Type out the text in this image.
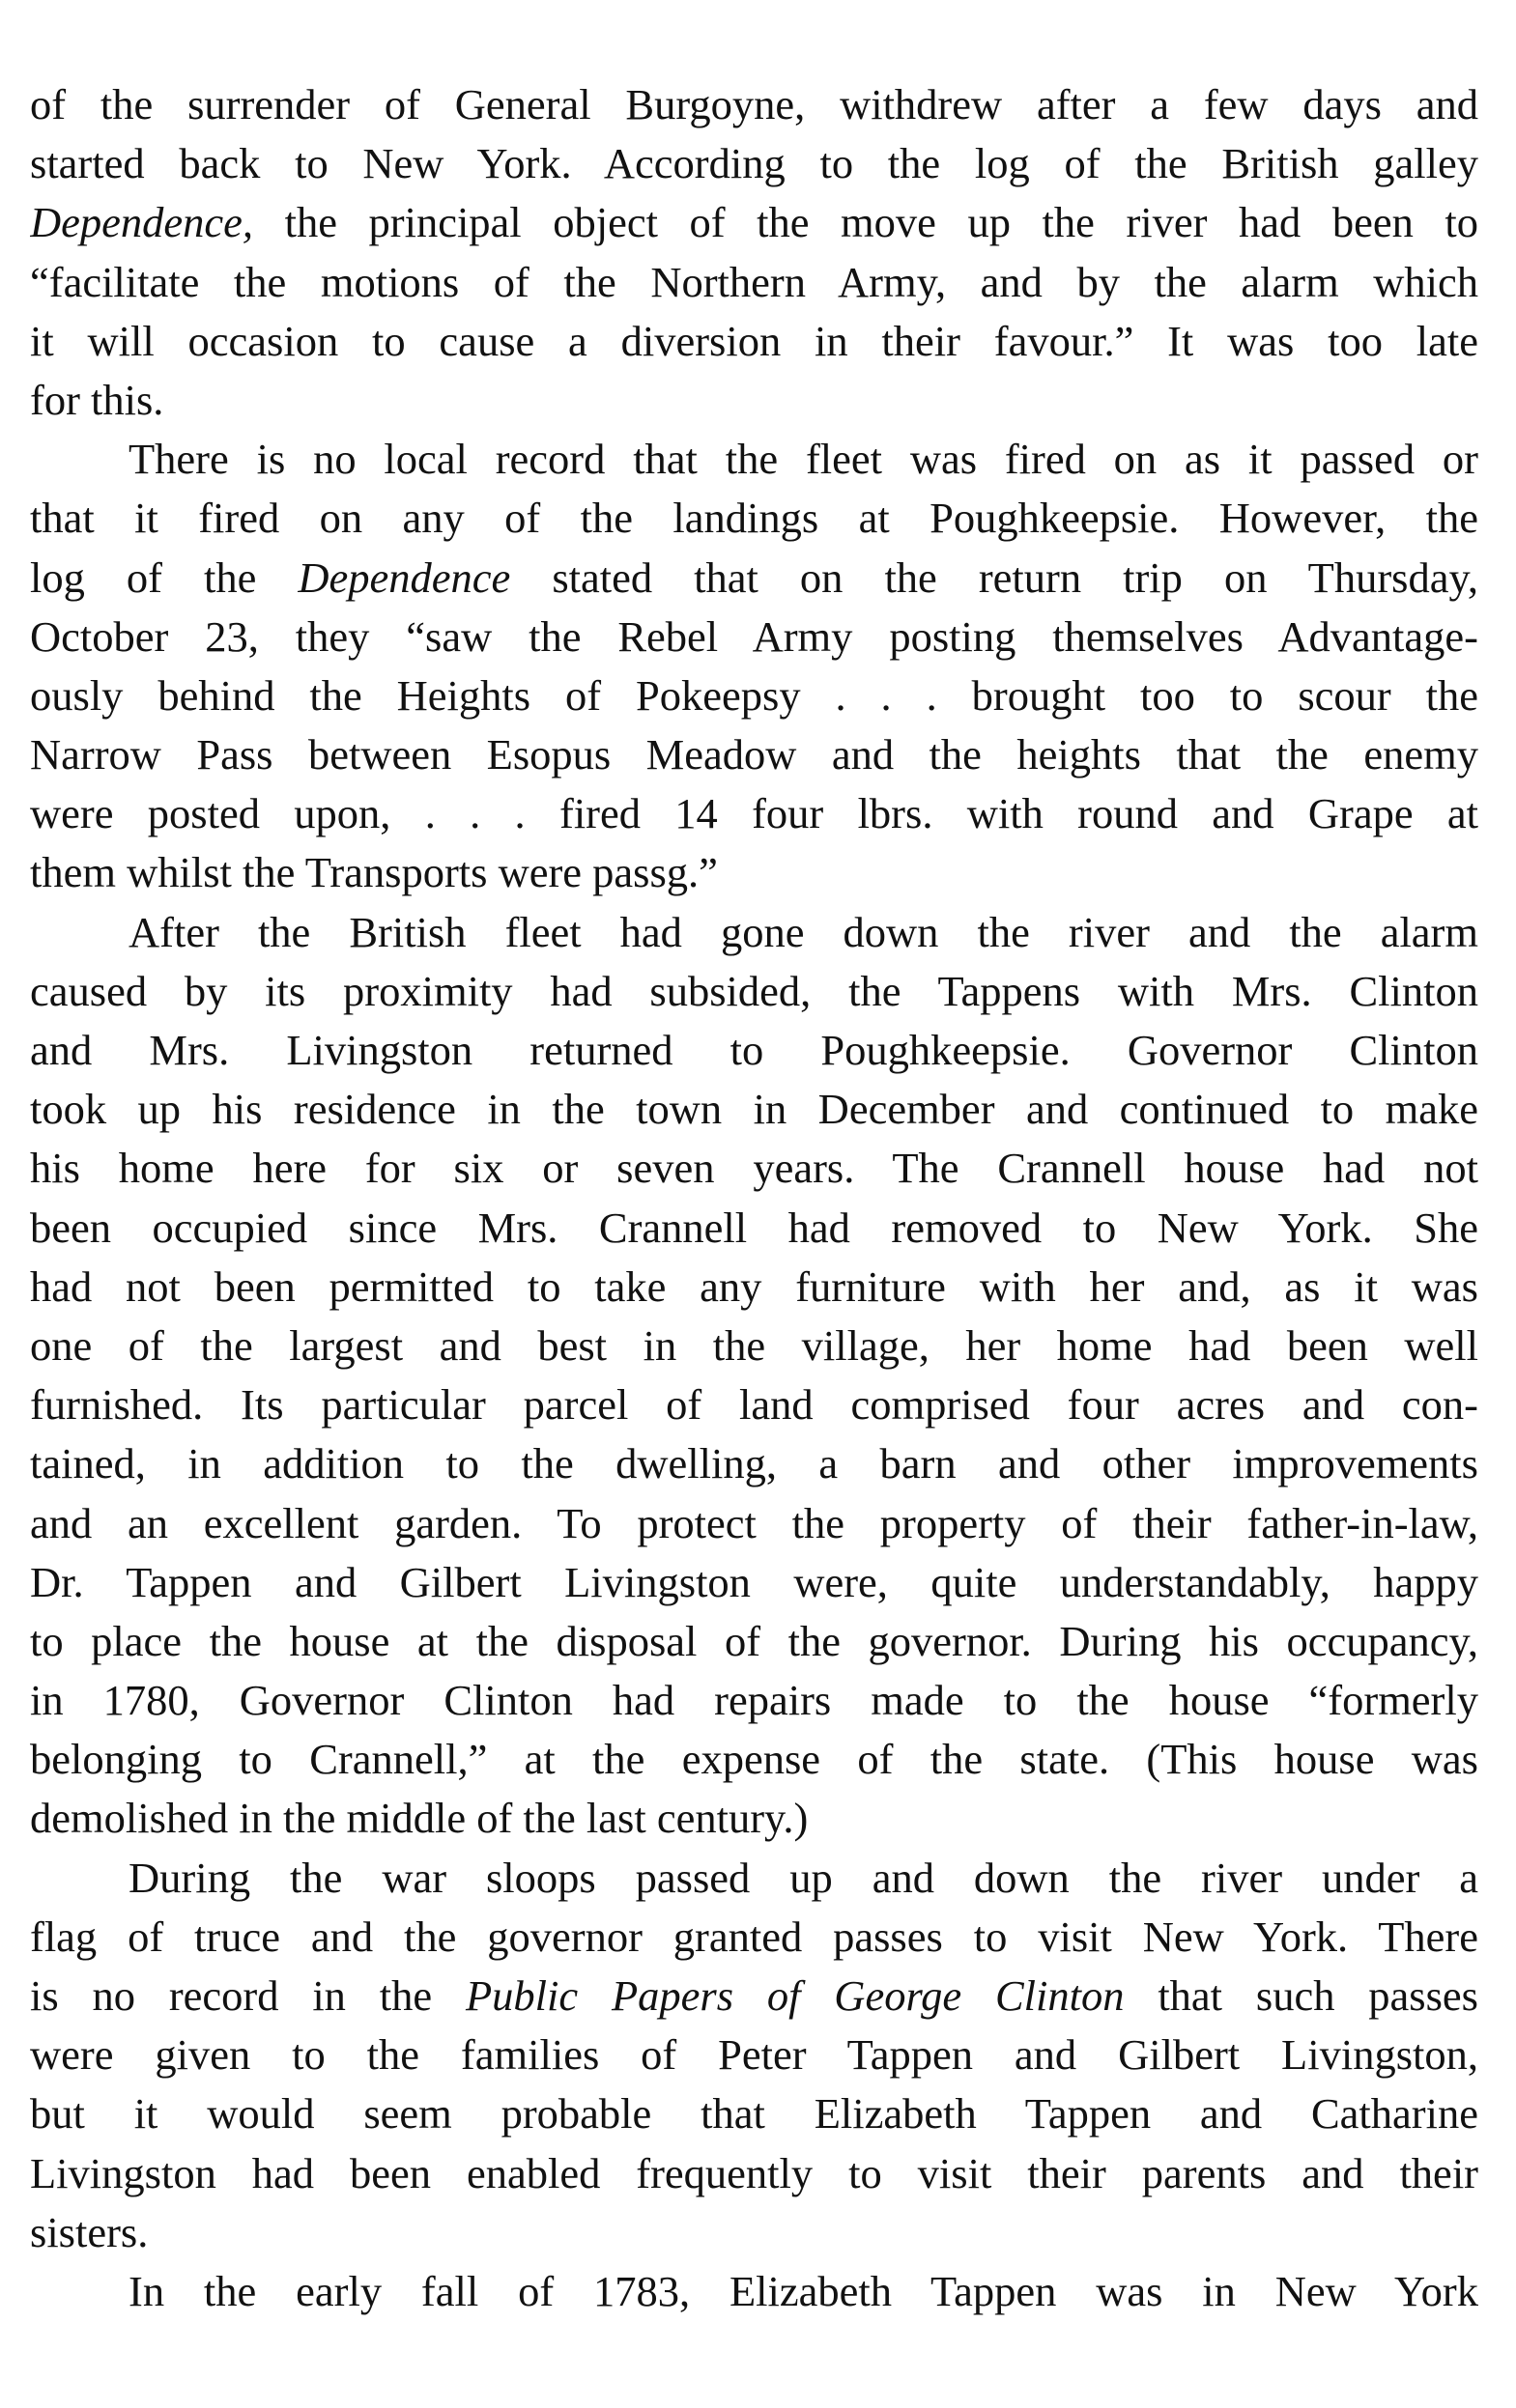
of the surrender of General Burgoyne, withdrew after a few days and
started back to New York. According to the log of the British galley
Dependence, the principal object of the move up the river had been to
“facilitate the motions of the Northern Army, and by the alarm which
it will occasion to cause a diversion in their favour.” It was too late
for this.
There is no local record that the fleet was fired on as it passed or
that it fired on any of the landings at Poughkeepsie. However, the
log of the Dependence stated that on the return trip on Thursday,
October 23, they “saw the Rebel Army posting themselves Advantage-
ously behind the Heights of Pokeepsy . . . brought too to scour the
Narrow Pass between Esopus Meadow and the heights that the enemy
were posted upon, . . . fired 14 four lbrs. with round and Grape at
them whilst the Transports were passg.”
After the British fleet had gone down the river and the alarm
caused by its proximity had subsided, the Tappens with Mrs. Clinton
and Mrs. Livingston returned to Poughkeepsie. Governor Clinton
took up his residence in the town in December and continued to make
his home here for six or seven years. The Crannell house had not
been occupied since Mrs. Crannell had removed to New York. She
had not been permitted to take any furniture with her and, as it was
one of the largest and best in the village, her home had been well
furnished. Its particular parcel of land comprised four acres and con-
tained, in addition to the dwelling, a barn and other improvements
and an excellent garden. To protect the property of their father-in-law,
Dr. Tappen and Gilbert Livingston were, quite understandably, happy
to place the house at the disposal of the governor. During his occupancy,
in 1780, Governor Clinton had repairs made to the house “formerly
belonging to Crannell,” at the expense of the state. (This house was
demolished in the middle of the last century.)
During the war sloops passed up and down the river under a
flag of truce and the governor granted passes to visit New York. There
is no record in the Public Papers of George Clinton that such passes
were given to the families of Peter Tappen and Gilbert Livingston,
but it would seem probable that Elizabeth Tappen and Catharine
Livingston had been enabled frequently to visit their parents and their
sisters.
In the early fall of 1783, Elizabeth Tappen was in New York
